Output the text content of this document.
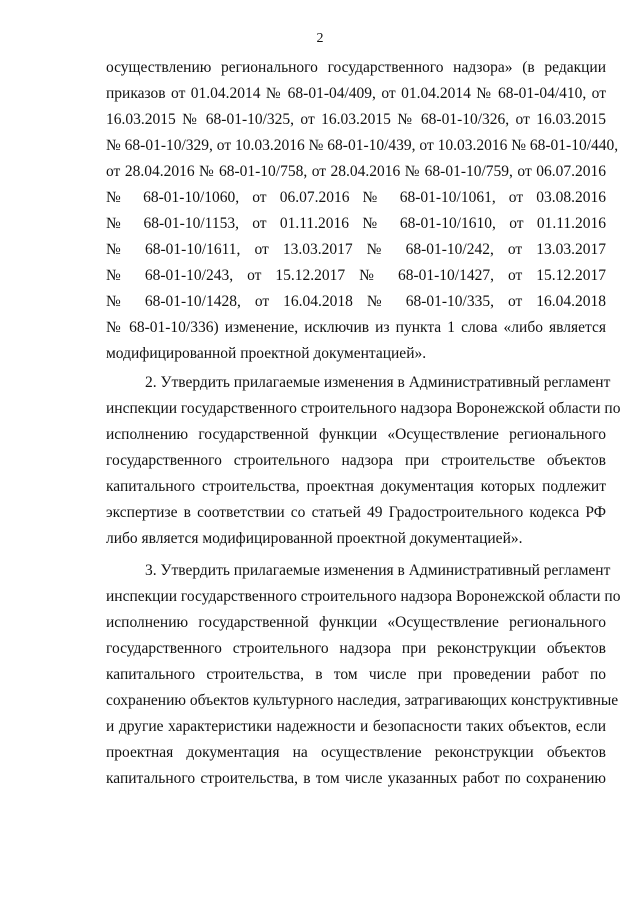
2
осуществлению регионального государственного надзора» (в редакции
приказов от 01.04.2014 № 68-01-04/409, от 01.04.2014 № 68-01-04/410, от
16.03.2015 № 68-01-10/325, от 16.03.2015 № 68-01-10/326, от 16.03.2015
№ 68-01-10/329, от 10.03.2016 № 68-01-10/439, от 10.03.2016 № 68-01-10/440,
от 28.04.2016 № 68-01-10/758, от 28.04.2016 № 68-01-10/759, от 06.07.2016
№ 68-01-10/1060, от 06.07.2016 № 68-01-10/1061, от 03.08.2016
№ 68-01-10/1153, от 01.11.2016 № 68-01-10/1610, от 01.11.2016
№ 68-01-10/1611, от 13.03.2017 № 68-01-10/242, от 13.03.2017
№ 68-01-10/243, от 15.12.2017 № 68-01-10/1427, от 15.12.2017
№ 68-01-10/1428, от 16.04.2018 № 68-01-10/335, от 16.04.2018
№ 68-01-10/336) изменение, исключив из пункта 1 слова «либо является
модифицированной проектной документацией».
2. Утвердить прилагаемые изменения в Административный регламент
инспекции государственного строительного надзора Воронежской области по
исполнению государственной функции «Осуществление регионального
государственного строительного надзора при строительстве объектов
капитального строительства, проектная документация которых подлежит
экспертизе в соответствии со статьей 49 Градостроительного кодекса РФ
либо является модифицированной проектной документацией».
3. Утвердить прилагаемые изменения в Административный регламент
инспекции государственного строительного надзора Воронежской области по
исполнению государственной функции «Осуществление регионального
государственного строительного надзора при реконструкции объектов
капитального строительства, в том числе при проведении работ по
сохранению объектов культурного наследия, затрагивающих конструктивные
и другие характеристики надежности и безопасности таких объектов, если
проектная документация на осуществление реконструкции объектов
капитального строительства, в том числе указанных работ по сохранению
